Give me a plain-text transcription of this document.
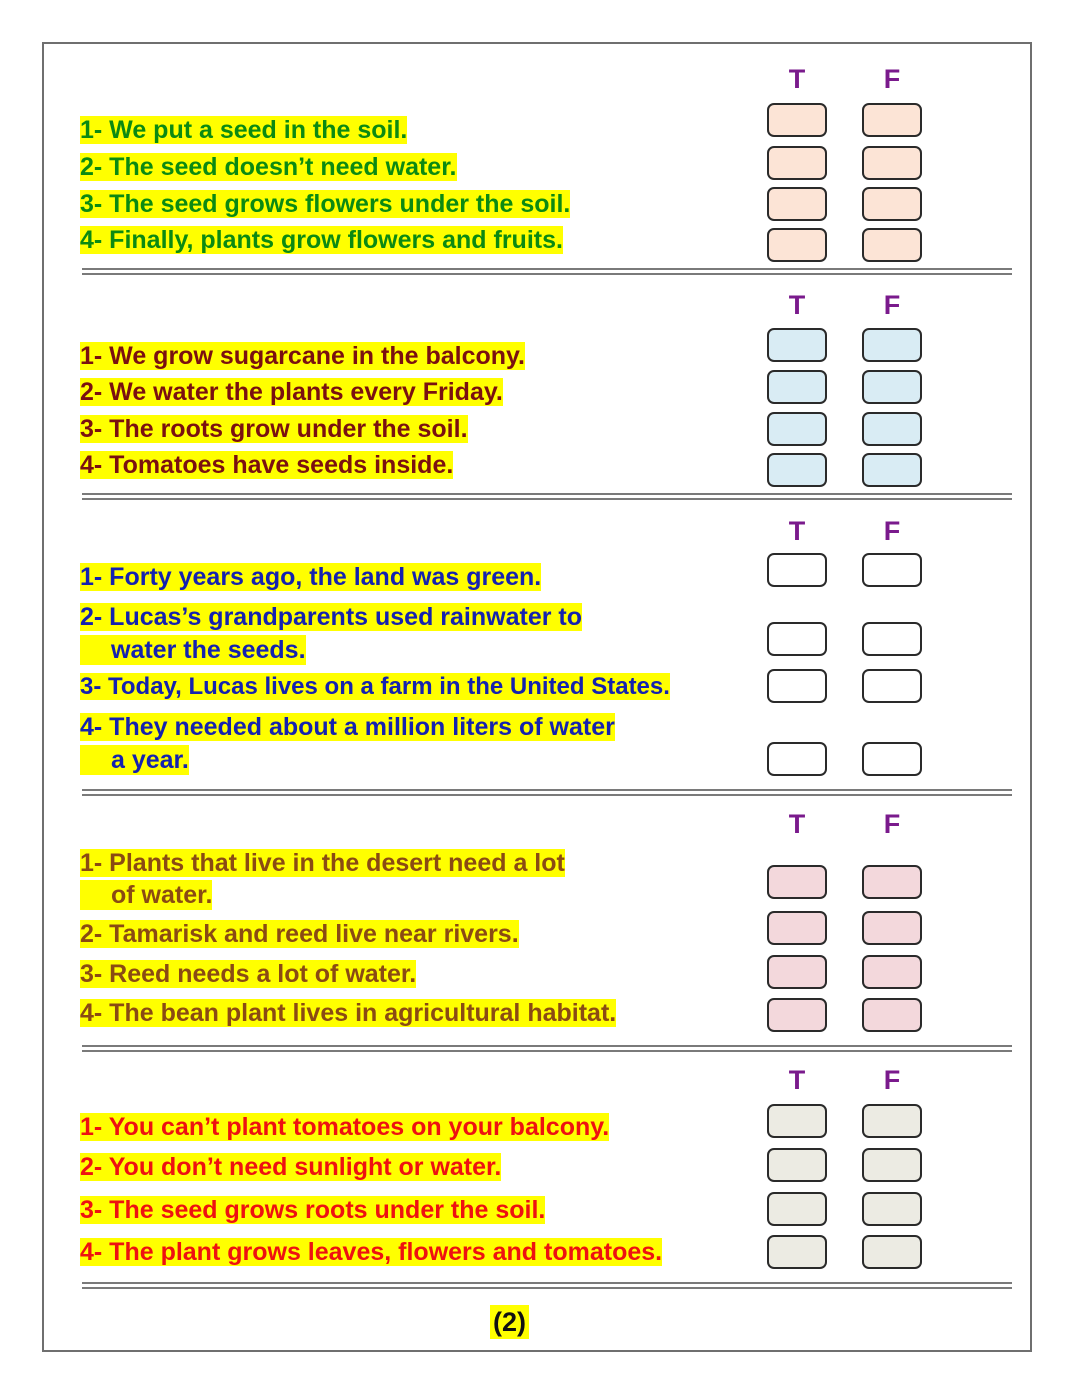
T	F
1- We put a seed in the soil.
2- The seed doesn’t need water.
3- The seed grows flowers under the soil.
4- Finally, plants grow flowers and fruits.
T	F
1- We grow sugarcane in the balcony.
2- We water the plants every Friday.
3- The roots grow under the soil.
4- Tomatoes have seeds inside.
T	F
1- Forty years ago, the land was green.
2- Lucas’s grandparents used rainwater to
water the seeds.
3- Today, Lucas lives on a farm in the United States.
4- They needed about a million liters of water
a year.
T	F
1- Plants that live in the desert need a lot
of water.
2- Tamarisk and reed live near rivers.
3- Reed needs a lot of water.
4- The bean plant lives in agricultural habitat.
T	F
1- You can’t plant tomatoes on your balcony.
2- You don’t need sunlight or water.
3- The seed grows roots under the soil.
4- The plant grows leaves, flowers and tomatoes.
(2)
